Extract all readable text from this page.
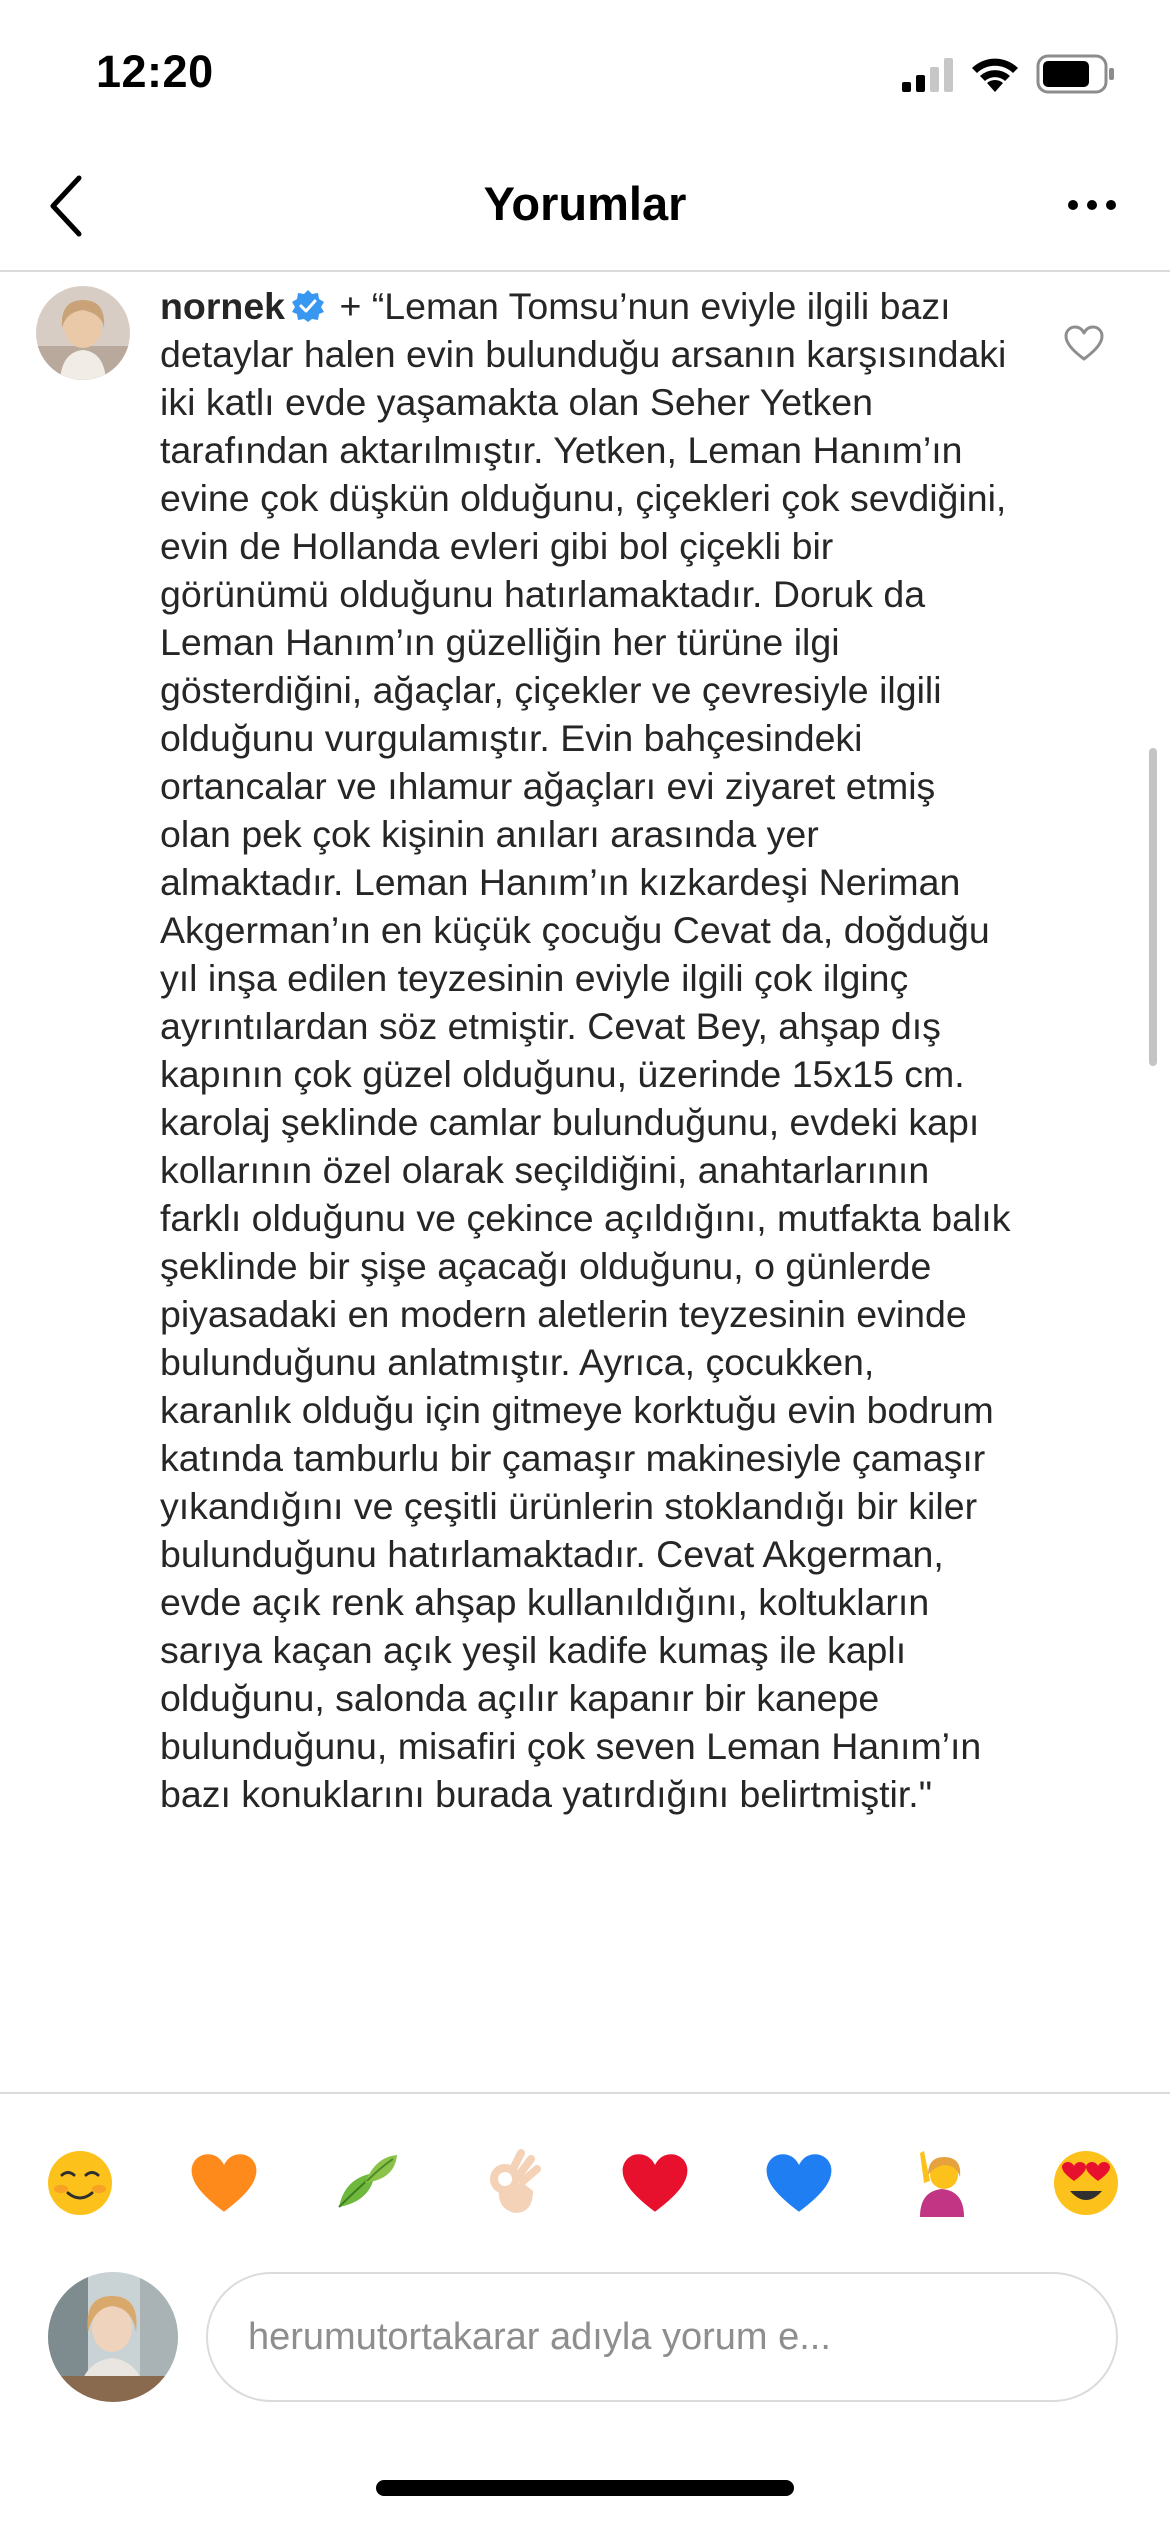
12:20
Yorumlar
nornek + “Leman Tomsu’nun eviyle ilgili bazı detaylar halen evin bulunduğu arsanın karşısındaki iki katlı evde yaşamakta olan Seher Yetken tarafından aktarılmıştır. Yetken, Leman Hanım’ın evine çok düşkün olduğunu, çiçekleri çok sevdiğini, evin de Hollanda evleri gibi bol çiçekli bir görünümü olduğunu hatırlamaktadır. Doruk da Leman Hanım’ın güzelliğin her türüne ilgi gösterdiğini, ağaçlar, çiçekler ve çevresiyle ilgili olduğunu vurgulamıştır. Evin bahçesindeki ortancalar ve ıhlamur ağaçları evi ziyaret etmiş olan pek çok kişinin anıları arasında yer almaktadır. Leman Hanım’ın kızkardeşi Neriman Akgerman’ın en küçük çocuğu Cevat da, doğduğu yıl inşa edilen teyzesinin eviyle ilgili çok ilginç ayrıntılardan söz etmiştir. Cevat Bey, ahşap dış kapının çok güzel olduğunu, üzerinde 15x15 cm. karolaj şeklinde camlar bulunduğunu, evdeki kapı kollarının özel olarak seçildiğini, anahtarlarının farklı olduğunu ve çekince açıldığını, mutfakta balık şeklinde bir şişe açacağı olduğunu, o günlerde piyasadaki en modern aletlerin teyzesinin evinde bulunduğunu anlatmıştır. Ayrıca, çocukken, karanlık olduğu için gitmeye korktuğu evin bodrum katında tamburlu bir çamaşır makinesiyle çamaşır yıkandığını ve çeşitli ürünlerin stoklandığı bir kiler bulunduğunu hatırlamaktadır. Cevat Akgerman, evde açık renk ahşap kullanıldığını, koltukların sarıya kaçan açık yeşil kadife kumaş ile kaplı olduğunu, salonda açılır kapanır bir kanepe bulunduğunu, misafiri çok seven Leman Hanım’ın bazı konuklarını burada yatırdığını belirtmiştir."
herumutortakarar adıyla yorum e...
